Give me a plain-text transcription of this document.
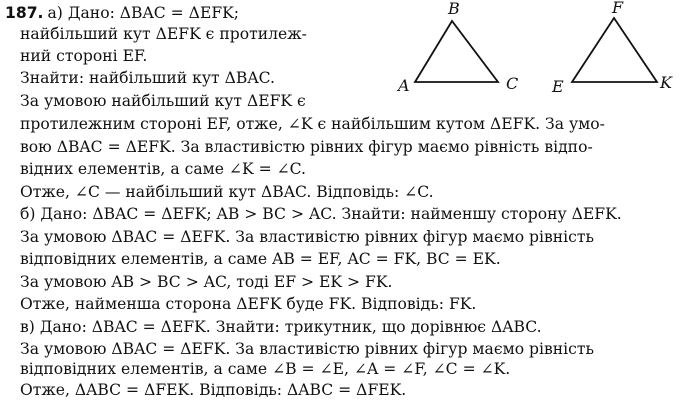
187. а) Дано: ΔBAC = ΔEFK;

найбільший кут ΔEFK є протилеж-

ний стороні EF.

Знайти: найбільший кут ΔBAC.

За умовою найбільший кут ΔEFK є

протилежним стороні EF, отже, ∠K є найбільшим кутом ΔEFK. За умо-

вою ΔBAC = ΔEFK. За властивістю рівних фігур маємо рівність відпо-

відних елементів, а саме ∠K = ∠C.

Отже, ∠C — найбільший кут ΔBAC. Відповідь: ∠C.

б) Дано: ΔBAC = ΔEFK; AB > BC > AC. Знайти: найменшу сторону ΔEFK.

За умовою ΔBAC = ΔEFK. За властивістю рівних фігур маємо рівність

відповідних елементів, а саме AB = EF, AC = FK, BC = EK.

За умовою AB > BC > AC, тоді EF > EK > FK.

Отже, найменша сторона ΔEFK буде FK. Відповідь: FK.

в) Дано: ΔBAC = ΔEFK. Знайти: трикутник, що дорівнює ΔABC.

За умовою ΔBAC = ΔEFK. За властивістю рівних фігур маємо рівність

відповідних елементів, а саме ∠B = ∠E, ∠A = ∠F, ∠C = ∠K.

Отже, ΔABC = ΔFEK. Відповідь: ΔABC = ΔFEK.

B
A	C
F
E	K
